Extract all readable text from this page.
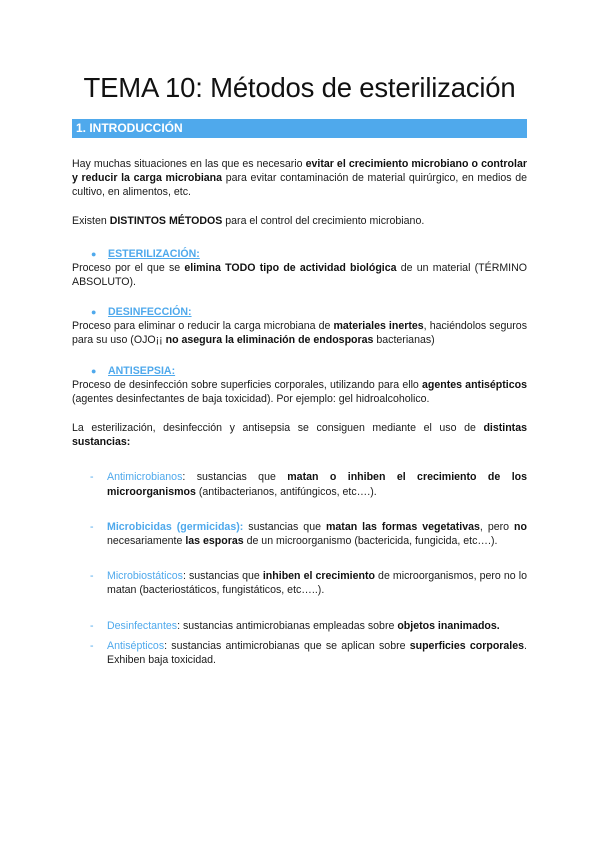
TEMA 10: Métodos de esterilización
1. INTRODUCCIÓN

Hay muchas situaciones en las que es necesario evitar el crecimiento microbiano o controlar y reducir la carga microbiana para evitar contaminación de material quirúrgico, en medios de cultivo, en alimentos, etc.

Existen DISTINTOS MÉTODOS para el control del crecimiento microbiano.

● ESTERILIZACIÓN:

Proceso por el que se elimina TODO tipo de actividad biológica de un material (TÉRMINO ABSOLUTO).

● DESINFECCIÓN:

Proceso para eliminar o reducir la carga microbiana de materiales inertes, haciéndolos seguros para su uso (OJO¡¡ no asegura la eliminación de endosporas bacterianas)

● ANTISEPSIA:

Proceso de desinfección sobre superficies corporales, utilizando para ello agentes antisépticos (agentes desinfectantes de baja toxicidad). Por ejemplo: gel hidroalcoholico.

La esterilización, desinfección y antisepsia se consiguen mediante el uso de distintas sustancias:

- Antimicrobianos: sustancias que matan o inhiben el crecimiento de los microorganismos (antibacterianos, antifúngicos, etc….).
- Microbicidas (germicidas): sustancias que matan las formas vegetativas, pero no necesariamente las esporas de un microorganismo (bactericida, fungicida, etc….).
- Microbiostáticos: sustancias que inhiben el crecimiento de microorganismos, pero no lo matan (bacteriostáticos, fungistáticos, etc…..).
- Desinfectantes: sustancias antimicrobianas empleadas sobre objetos inanimados.
- Antisépticos: sustancias antimicrobianas que se aplican sobre superficies corporales. Exhiben baja toxicidad.
